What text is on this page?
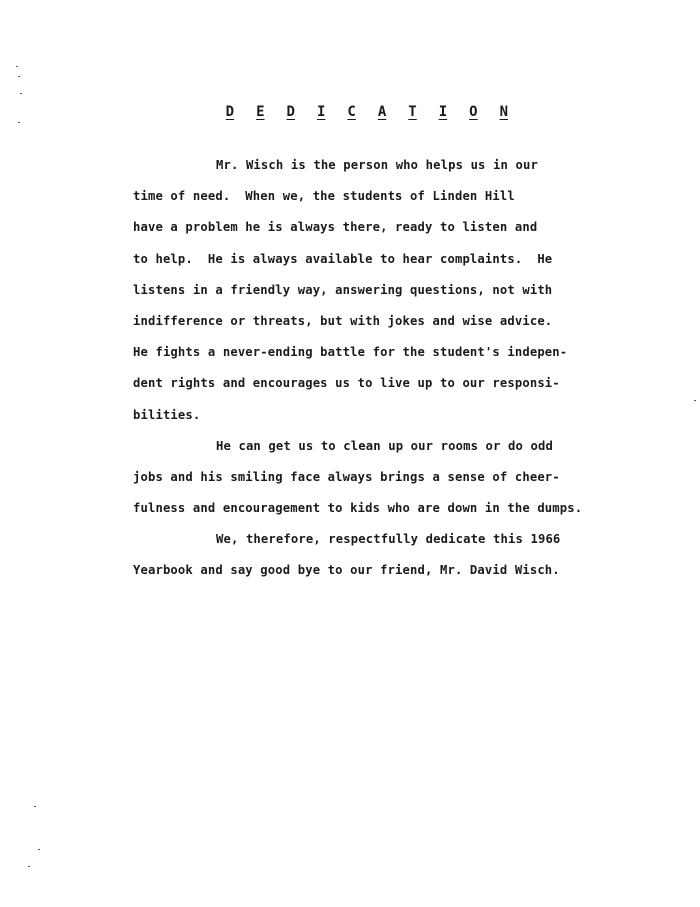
D E D I C A T I O N

Mr. Wisch is the person who helps us in our
time of need.  When we, the students of Linden Hill
have a problem he is always there, ready to listen and
to help.  He is always available to hear complaints.  He
listens in a friendly way, answering questions, not with
indifference or threats, but with jokes and wise advice.
He fights a never-ending battle for the student's indepen-
dent rights and encourages us to live up to our responsi-
bilities.
He can get us to clean up our rooms or do odd
jobs and his smiling face always brings a sense of cheer-
fulness and encouragement to kids who are down in the dumps.
We, therefore, respectfully dedicate this 1966
Yearbook and say good bye to our friend, Mr. David Wisch.
